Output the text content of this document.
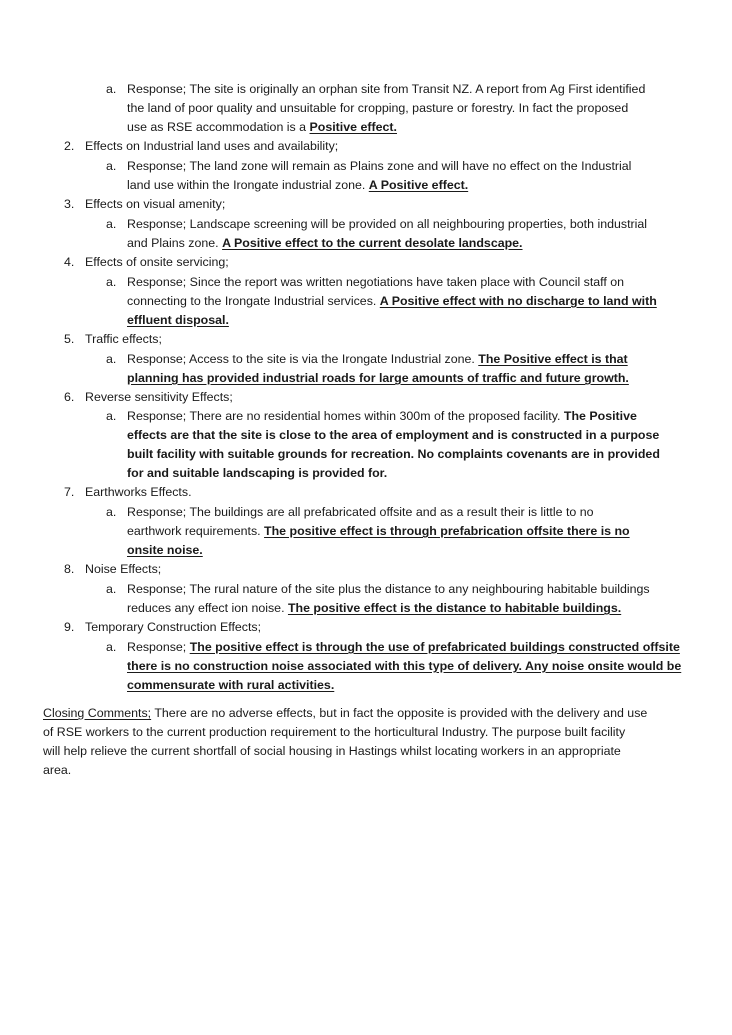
a. Response; The site is originally an orphan site from Transit NZ. A report from Ag First identified
the land of poor quality and unsuitable for cropping, pasture or forestry. In fact the proposed
use as RSE accommodation is a Positive effect.
2. Effects on Industrial land uses and availability;
a. Response; The land zone will remain as Plains zone and will have no effect on the Industrial
land use within the Irongate industrial zone. A Positive effect.
3. Effects on visual amenity;
a. Response; Landscape screening will be provided on all neighbouring properties, both industrial
and Plains zone. A Positive effect to the current desolate landscape.
4. Effects of onsite servicing;
a. Response; Since the report was written negotiations have taken place with Council staff on
connecting to the Irongate Industrial services. A Positive effect with no discharge to land with
effluent disposal.
5. Traffic effects;
a. Response; Access to the site is via the Irongate Industrial zone. The Positive effect is that
planning has provided industrial roads for large amounts of traffic and future growth.
6. Reverse sensitivity Effects;
a. Response; There are no residential homes within 300m of the proposed facility. The Positive
effects are that the site is close to the area of employment and is constructed in a purpose
built facility with suitable grounds for recreation. No complaints covenants are in provided
for and suitable landscaping is provided for.
7. Earthworks Effects.
a. Response; The buildings are all prefabricated offsite and as a result their is little to no
earthwork requirements. The positive effect is through prefabrication offsite there is no
onsite noise.
8. Noise Effects;
a. Response; The rural nature of the site plus the distance to any neighbouring habitable buildings
reduces any effect ion noise. The positive effect is the distance to habitable buildings.
9. Temporary Construction Effects;
a. Response; The positive effect is through the use of prefabricated buildings constructed offsite
there is no construction noise associated with this type of delivery. Any noise onsite would be
commensurate with rural activities.
Closing Comments; There are no adverse effects, but in fact the opposite is provided with the delivery and use
of RSE workers to the current production requirement to the horticultural Industry. The purpose built facility
will help relieve the current shortfall of social housing in Hastings whilst locating workers in an appropriate
area.
